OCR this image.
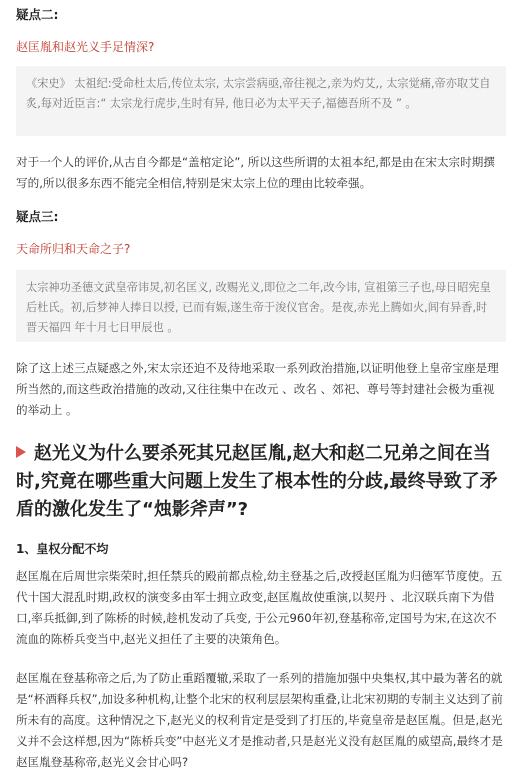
疑点二:
赵匡胤和赵光义手足情深?
《宋史》 太祖纪:受命杜太后,传位太宗, 太宗尝病亟,帝往视之,亲为灼艾,, 太宗觉痛,帝亦取艾自炙,每对近臣言:“ 太宗龙行虎步,生时有异, 他日必为太平天子,福德吾所不及 ” 。
对于一个人的评价,从古自今都是“盖棺定论”, 所以这些所谓的太祖本纪,都是由在宋太宗时期撰写的,所以很多东西不能完全相信,特别是宋太宗上位的理由比较牵强。
疑点三:
天命所归和天命之子?
太宗神功圣德文武皇帝讳炅,初名匡义, 改赐光义,即位之二年,改今讳, 宣祖第三子也,母日昭宪皇后杜氏。初,后梦神人捧日以授, 已而有娠,遂生帝于浚仪官舍。是夜,赤光上腾如火,闾有异香,时晋天福四 年十月七日甲辰也 。
除了这上述三点疑惑之外,宋太宗还迫不及待地采取一系列政治措施,以证明他登上皇帝宝座是理所当然的,而这些政治措施的改动,又往往集中在改元 、改名 、郊祀、尊号等封建社会极为重视的举动上 。
赵光义为什么要杀死其兄赵匡胤,赵大和赵二兄弟之间在当时,究竟在哪些重大问题上发生了根本性的分歧,最终导致了矛盾的激化发生了“烛影斧声”?
1、皇权分配不均
赵匡胤在后周世宗柴荣时,担任禁兵的殿前都点检,幼主登基之后,改授赵匡胤为归德军节度使。五 代十国大混乱时期,政权的演变多由军士拥立政变,赵匡胤故使重演,以契丹 、北汉联兵南下为借口,率兵抵御,到了陈桥的时候,趁机发动了兵变, 于公元960年初,登基称帝,定国号为宋,在这次不 流血的陈桥兵变当中,赵光义担任了主要的决策角色。
赵匡胤在登基称帝之后,为了防止重蹈覆辙,采取了一系列的措施加强中央集权,其中最为著名的就是“杯酒释兵权”,加设多种机构,让整个北宋的权利层层架构重叠,让北宋初期的专制主义达到了前所未有的高度。这种情况之下,赵光义的权利肯定是受到了打压的,毕竟皇帝是赵匡胤。但是,赵光义并不会这样想,因为“陈桥兵变”中赵光义才是推动者,只是赵光义没有赵匡胤的威望高,最终才是赵匡胤登基称帝,赵光义会甘心吗?
